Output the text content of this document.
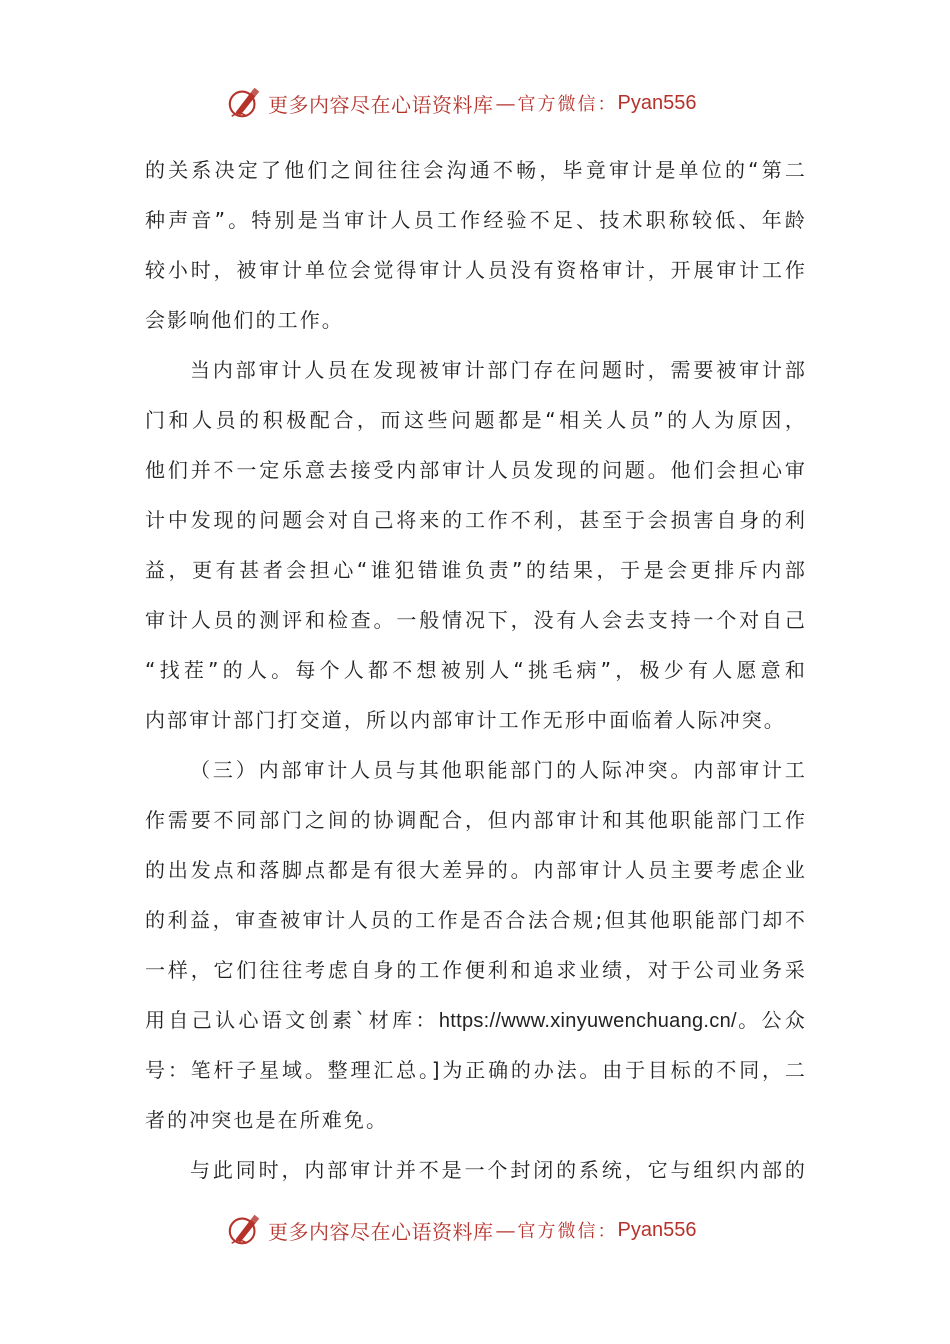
更多内容尽在心语资料库 — 官方微信： Pyan556
的关系决定了他们之间往往会沟通不畅，毕竟审计是单位的“第二
种声音”。特别是当审计人员工作经验不足、技术职称较低、年龄
较小时，被审计单位会觉得审计人员没有资格审计，开展审计工作
会影响他们的工作。
当内部审计人员在发现被审计部门存在问题时，需要被审计部
门和人员的积极配合，而这些问题都是“相关人员”的人为原因，
他们并不一定乐意去接受内部审计人员发现的问题。他们会担心审
计中发现的问题会对自己将来的工作不利，甚至于会损害自身的利
益，更有甚者会担心“谁犯错谁负责”的结果，于是会更排斥内部
审计人员的测评和检查。一般情况下，没有人会去支持一个对自己
“找茬”的人。每个人都不想被别人“挑毛病”，极少有人愿意和
内部审计部门打交道，所以内部审计工作无形中面临着人际冲突。
（三）内部审计人员与其他职能部门的人际冲突。内部审计工
作需要不同部门之间的协调配合，但内部审计和其他职能部门工作
的出发点和落脚点都是有很大差异的。内部审计人员主要考虑企业
的利益，审查被审计人员的工作是否合法合规;但其他职能部门却不
一样，它们往往考虑自身的工作便利和追求业绩，对于公司业务采
用自己认心语文创素`材库：https://www.xinyuwenchuang.cn/。公众
号：笔杆子星域。整理汇总。]为正确的办法。由于目标的不同，二
者的冲突也是在所难免。
与此同时，内部审计并不是一个封闭的系统，它与组织内部的
更多内容尽在心语资料库 — 官方微信： Pyan556
